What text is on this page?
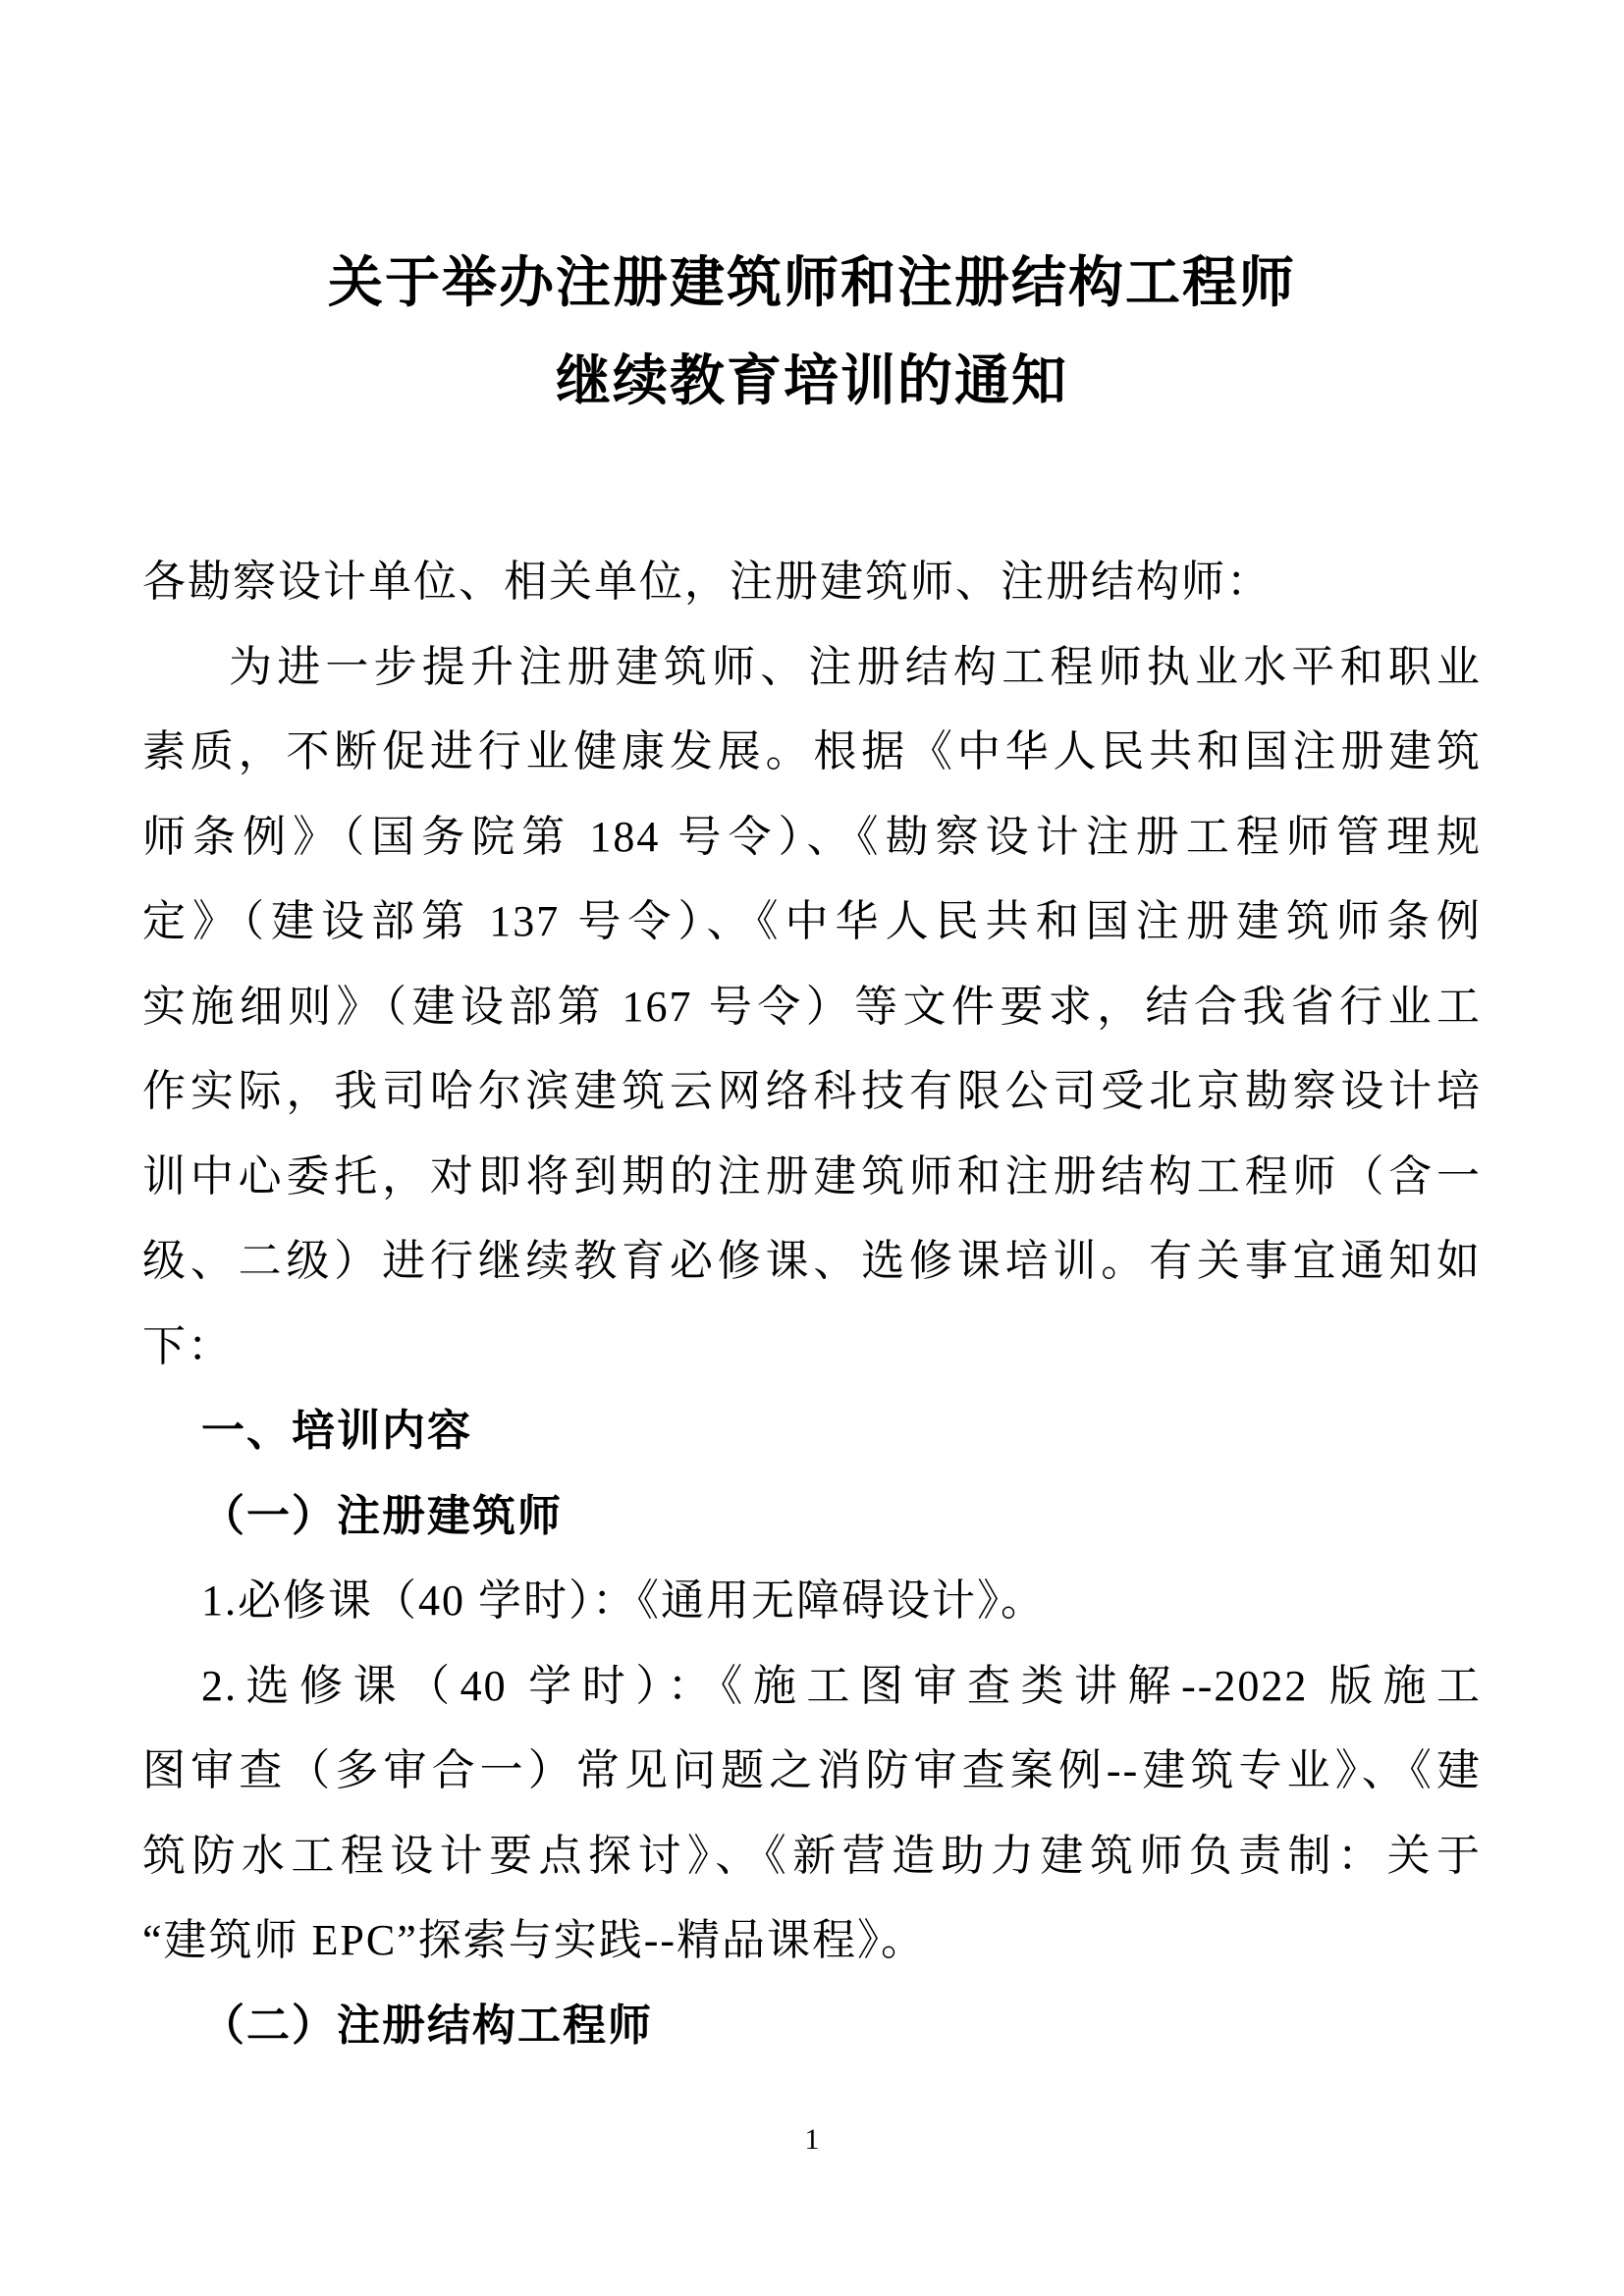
关于举办注册建筑师和注册结构工程师
继续教育培训的通知
各勘察设计单位、相关单位，注册建筑师、注册结构师：
为进一步提升注册建筑师、注册结构工程师执业水平和职业
素质，不断促进行业健康发展。根据《中华人民共和国注册建筑
师条例》（国务院第 184 号令）、《勘察设计注册工程师管理规
定》（建设部第 137 号令）、《中华人民共和国注册建筑师条例
实施细则》（建设部第 167 号令）等文件要求，结合我省行业工
作实际，我司哈尔滨建筑云网络科技有限公司受北京勘察设计培
训中心委托，对即将到期的注册建筑师和注册结构工程师（含一
级、二级）进行继续教育必修课、选修课培训。有关事宜通知如
下：
一、培训内容
（一）注册建筑师
1.必修课（40 学时）：《通用无障碍设计》。
2.选修课（40 学时）：《施工图审查类讲解--2022 版施工
图审查（多审合一）常见问题之消防审查案例--建筑专业》、《建
筑防水工程设计要点探讨》、《新营造助力建筑师负责制：关于
“建筑师 EPC”探索与实践--精品课程》。
（二）注册结构工程师
1
